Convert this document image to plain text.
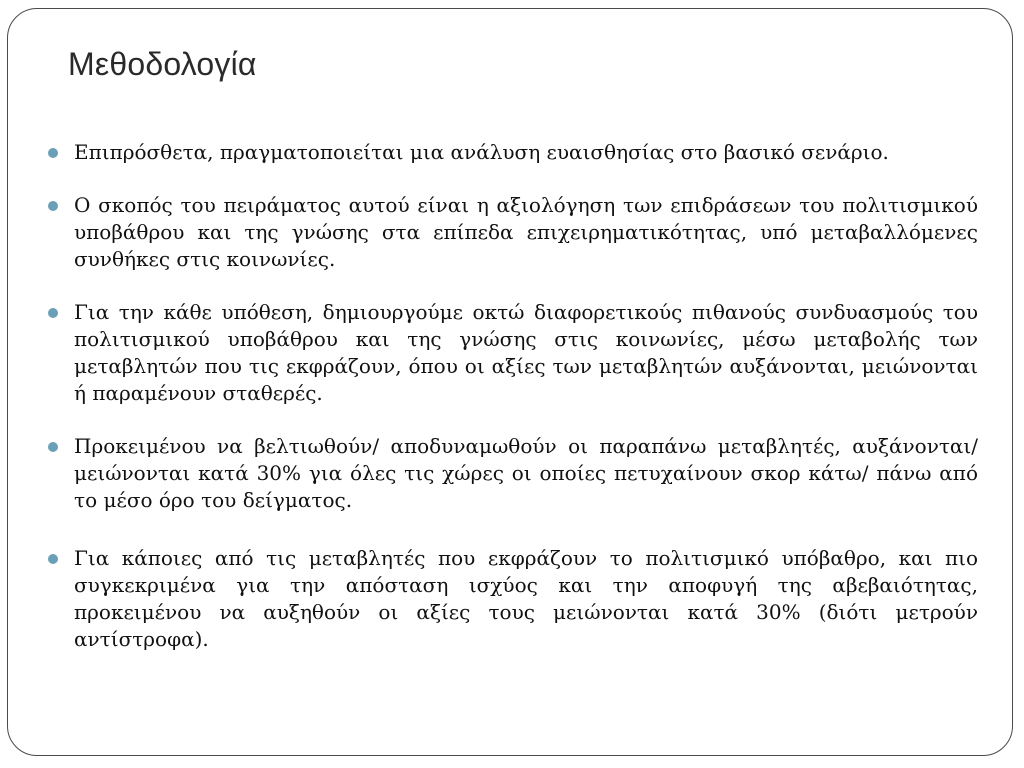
Μεθοδολογία
Επιπρόσθετα, πραγματοποιείται μια ανάλυση ευαισθησίας στο βασικό σενάριο.
Ο σκοπός του πειράματος αυτού είναι η αξιολόγηση των επιδράσεων του πολιτισμικού υποβάθρου και της γνώσης στα επίπεδα επιχειρηματικότητας, υπό μεταβαλλόμενες συνθήκες στις κοινωνίες.
Για την κάθε υπόθεση, δημιουργούμε οκτώ διαφορετικούς πιθανούς συνδυασμούς του πολιτισμικού υποβάθρου και της γνώσης στις κοινωνίες, μέσω μεταβολής των μεταβλητών που τις εκφράζουν, όπου οι αξίες των μεταβλητών αυξάνονται, μειώνονται ή παραμένουν σταθερές.
Προκειμένου να βελτιωθούν/ αποδυναμωθούν οι παραπάνω μεταβλητές, αυξάνονται/ μειώνονται κατά 30% για όλες τις χώρες οι οποίες πετυχαίνουν σκορ κάτω/ πάνω από το μέσο όρο του δείγματος.
Για κάποιες από τις μεταβλητές που εκφράζουν το πολιτισμικό υπόβαθρο, και πιο συγκεκριμένα για την απόσταση ισχύος και την αποφυγή της αβεβαιότητας, προκειμένου να αυξηθούν οι αξίες τους μειώνονται κατά 30% (διότι μετρούν αντίστροφα).
